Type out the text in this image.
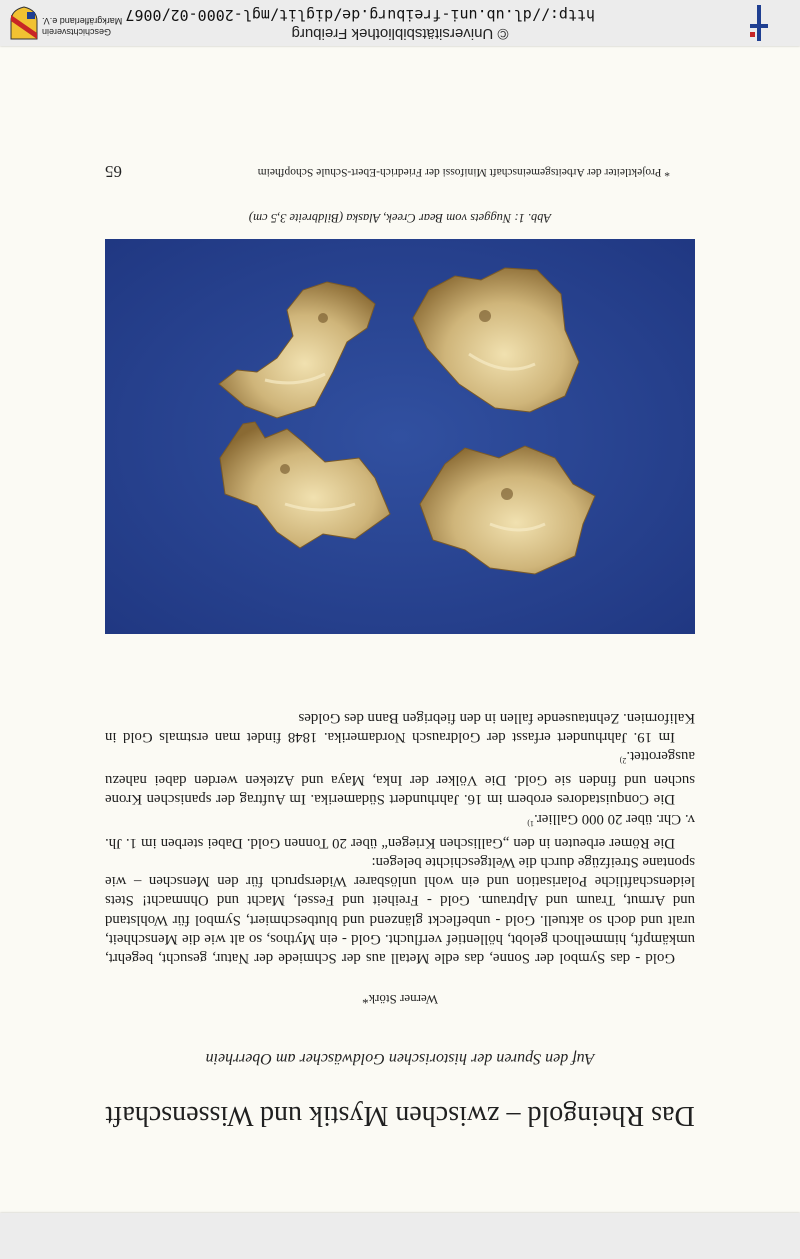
Das Rheingold – zwischen Mystik und Wissenschaft
Auf den Spuren der historischen Goldwäscher am Oberrhein
Werner Störk*

Gold - das Symbol der Sonne, das edle Metall aus der Schmiede der Natur, gesucht, begehrt, umkämpft, himmelhoch gelobt, höllentief verflucht. Gold - ein Mythos, so alt wie die Menschheit, uralt und doch so aktuell. Gold - unbefleckt glänzend und blutbeschmiert, Symbol für Wohlstand und Armut, Traum und Alptraum. Gold - Freiheit und Fessel, Macht und Ohnmacht! Stets leidenschaftliche Polarisation und ein wohl unlösbarer Widerspruch für den Menschen – wie spontane Streifzüge durch die Weltgeschichte belegen:

Die Römer erbeuten in den „Gallischen Kriegen“ über 20 Tonnen Gold. Dabei sterben im 1. Jh. v. Chr. über 20 000 Gallier.$^{1)}$

Die Conquistadores erobern im 16. Jahrhundert Südamerika. Im Auftrag der spanischen Krone suchen und finden sie Gold. Die Völker der Inka, Maya und Azteken werden dabei nahezu ausgerottet.$^{2)}$

Im 19. Jahrhundert erfasst der Goldrausch Nordamerika. 1848 findet man erstmals Gold in Kalifornien. Zehntausende fallen in den fiebrigen Bann des Goldes

Abb. 1: Nuggets vom Bear Creek, Alaska (Bildbreite 3,5 cm)
* Projektleiter der Arbeitsgemeinschaft Minifossi der Friedrich-Ebert-Schule Schopfheim
65
© Universitätsbibliothek Freiburg
http://dl.ub.uni-freiburg.de/diglit/mgl-2000-02/0067
Geschichtsverein
Markgräflerland e.V.
